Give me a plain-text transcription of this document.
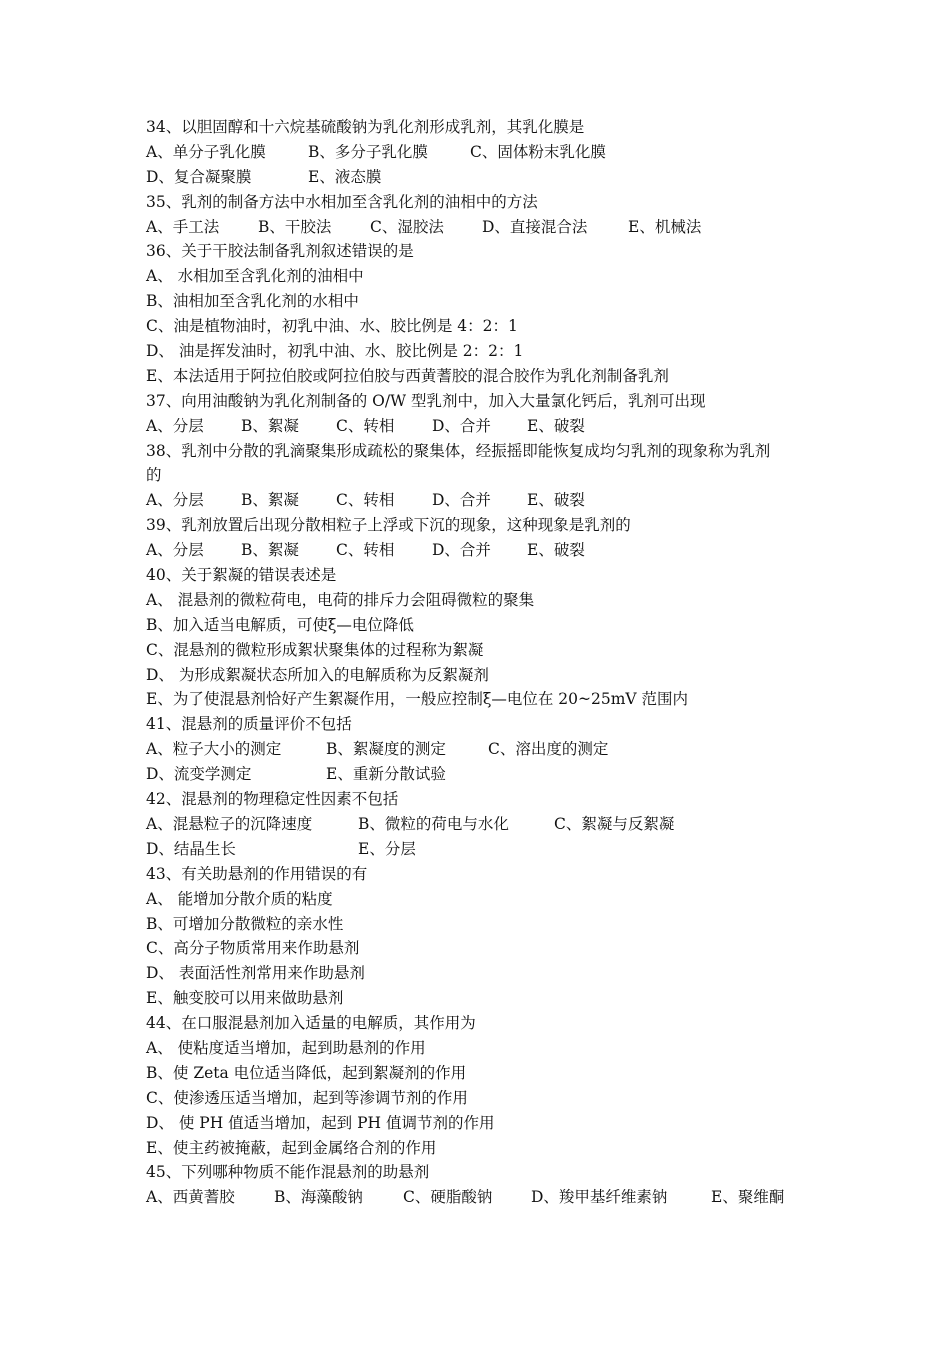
34、以胆固醇和十六烷基硫酸钠为乳化剂形成乳剂，其乳化膜是
A、单分子乳化膜	B、多分子乳化膜	C、固体粉末乳化膜
D、复合凝聚膜	E、液态膜
35、乳剂的制备方法中水相加至含乳化剂的油相中的方法
A、手工法	B、干胶法 C、湿胶法 D、直接混合法	E、机械法
36、关于干胶法制备乳剂叙述错误的是
A、 水相加至含乳化剂的油相中
B、油相加至含乳化剂的水相中
C、油是植物油时，初乳中油、水、胶比例是 4：2：1
D、 油是挥发油时，初乳中油、水、胶比例是 2：2：1
E、本法适用于阿拉伯胶或阿拉伯胶与西黄蓍胶的混合胶作为乳化剂制备乳剂
37、向用油酸钠为乳化剂制备的 O/W 型乳剂中，加入大量氯化钙后，乳剂可出现
A、分层 B、絮凝 C、转相 D、合并 E、破裂
38、乳剂中分散的乳滴聚集形成疏松的聚集体，经振摇即能恢复成均匀乳剂的现象称为乳剂
的
A、分层 B、絮凝 C、转相 D、合并 E、破裂
39、乳剂放置后出现分散相粒子上浮或下沉的现象，这种现象是乳剂的
A、分层 B、絮凝 C、转相 D、合并 E、破裂
40、关于絮凝的错误表述是
A、 混悬剂的微粒荷电，电荷的排斥力会阻碍微粒的聚集
B、加入适当电解质，可使ξ—电位降低
C、混悬剂的微粒形成絮状聚集体的过程称为絮凝
D、 为形成絮凝状态所加入的电解质称为反絮凝剂
E、为了使混悬剂恰好产生絮凝作用，一般应控制ξ—电位在 20~25mV 范围内
41、混悬剂的质量评价不包括
A、粒子大小的测定	B、絮凝度的测定	C、溶出度的测定
D、流变学测定	E、重新分散试验
42、混悬剂的物理稳定性因素不包括
A、混悬粒子的沉降速度	B、微粒的荷电与水化	C、絮凝与反絮凝
D、结晶生长	E、分层
43、有关助悬剂的作用错误的有
A、 能增加分散介质的粘度
B、可增加分散微粒的亲水性
C、高分子物质常用来作助悬剂
D、 表面活性剂常用来作助悬剂
E、触变胶可以用来做助悬剂
44、在口服混悬剂加入适量的电解质，其作用为
A、 使粘度适当增加，起到助悬剂的作用
B、使 Zeta 电位适当降低，起到絮凝剂的作用
C、使渗透压适当增加，起到等渗调节剂的作用
D、 使 PH 值适当增加，起到 PH 值调节剂的作用
E、使主药被掩蔽，起到金属络合剂的作用
45、下列哪种物质不能作混悬剂的助悬剂
A、西黄蓍胶	B、海藻酸钠	C、硬脂酸钠 D、羧甲基纤维素钠	E、聚维酮
